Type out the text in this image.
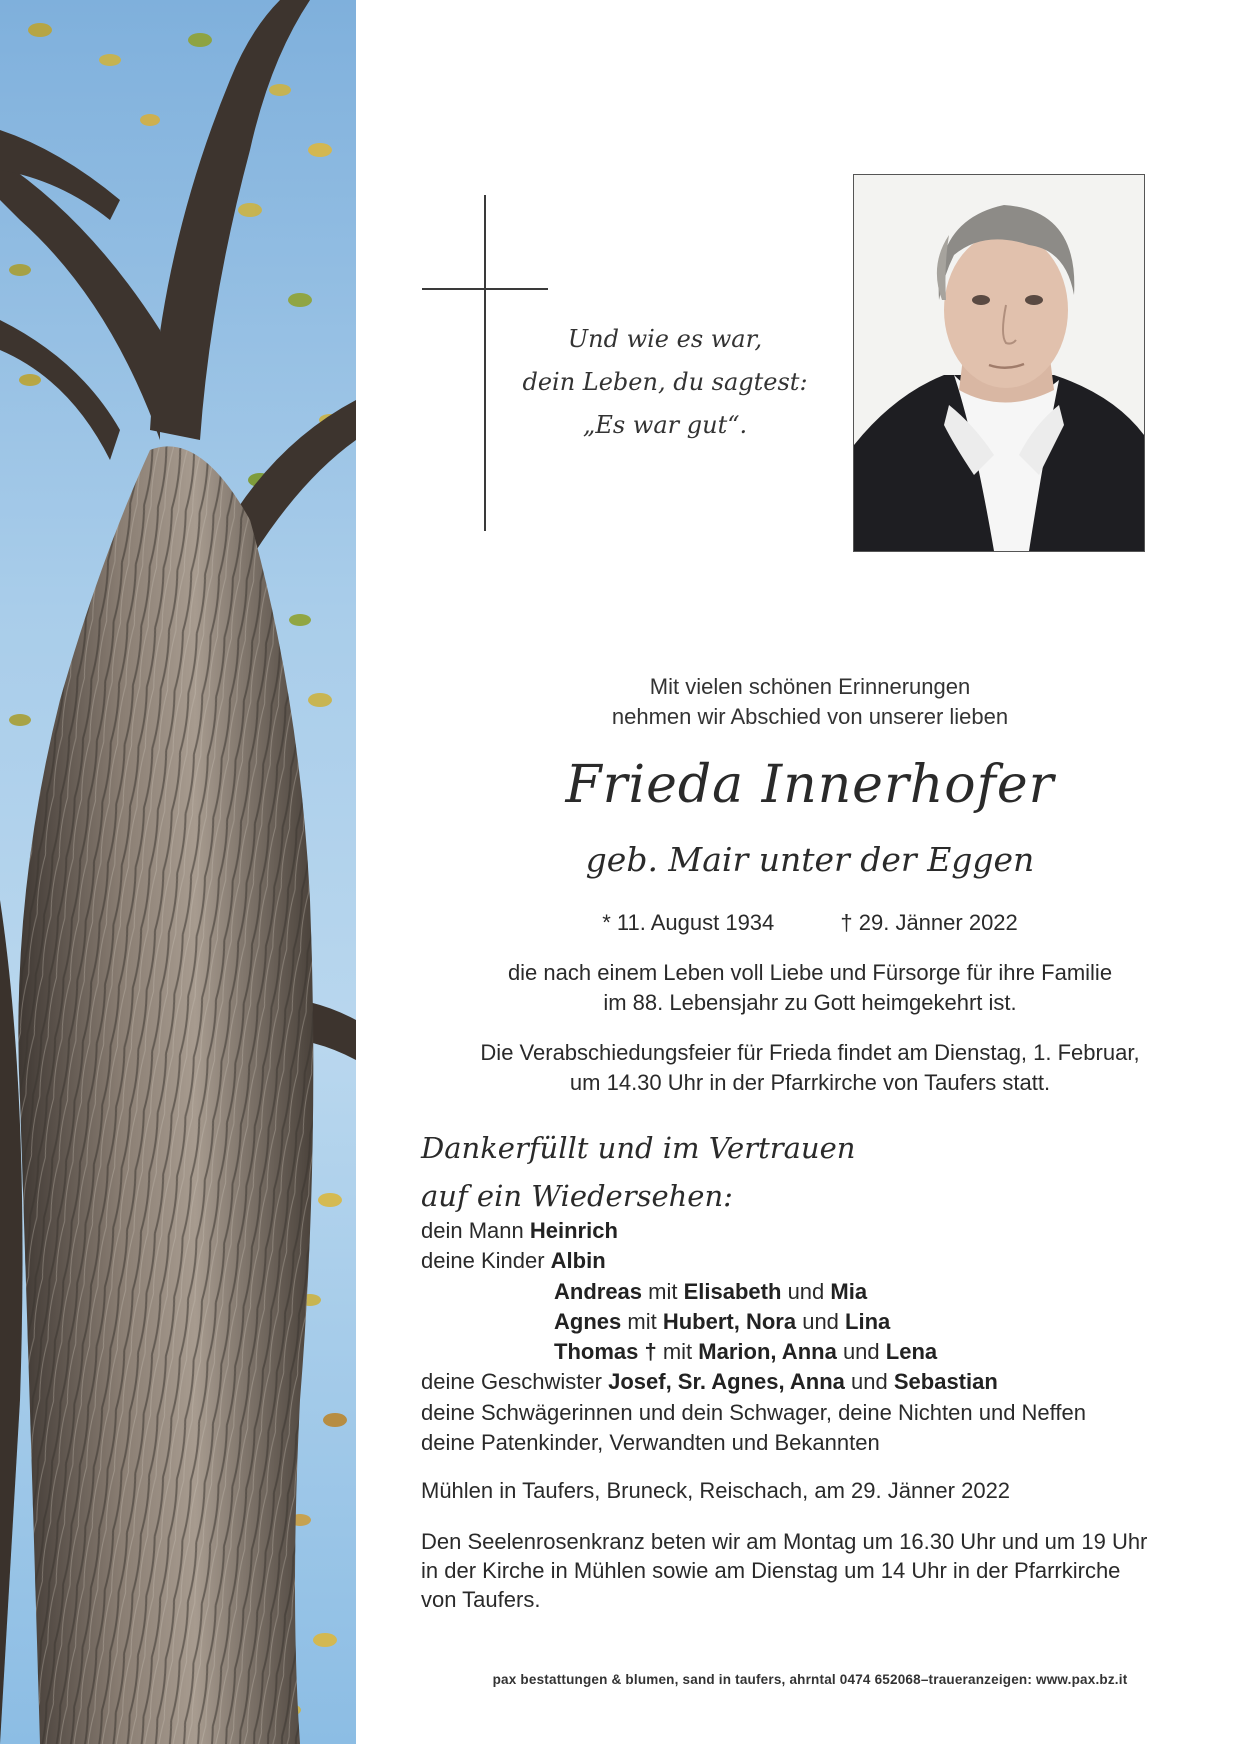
Und wie es war,
dein Leben, du sagtest:
„Es war gut“.
Mit vielen schönen Erinnerungen
nehmen wir Abschied von unserer lieben
Frieda Innerhofer
geb. Mair unter der Eggen
* 11. August 1934	† 29. Jänner 2022
die nach einem Leben voll Liebe und Fürsorge für ihre Familie
im 88. Lebensjahr zu Gott heimgekehrt ist.
Die Verabschiedungsfeier für Frieda findet am Dienstag, 1. Februar,
um 14.30 Uhr in der Pfarrkirche von Taufers statt.
Dankerfüllt und im Vertrauen
auf ein Wiedersehen:
dein Mann Heinrich
deine Kinder Albin
Andreas mit Elisabeth und Mia
Agnes mit Hubert, Nora und Lina
Thomas † mit Marion, Anna und Lena
deine Geschwister Josef, Sr. Agnes, Anna und Sebastian
deine Schwägerinnen und dein Schwager, deine Nichten und Neffen
deine Patenkinder, Verwandten und Bekannten
Mühlen in Taufers, Bruneck, Reischach, am 29. Jänner 2022
Den Seelenrosenkranz beten wir am Montag um 16.30 Uhr und um 19 Uhr
in der Kirche in Mühlen sowie am Dienstag um 14 Uhr in der Pfarrkirche
von Taufers.
pax bestattungen & blumen, sand in taufers, ahrntal 0474 652068–traueranzeigen: www.pax.bz.it
